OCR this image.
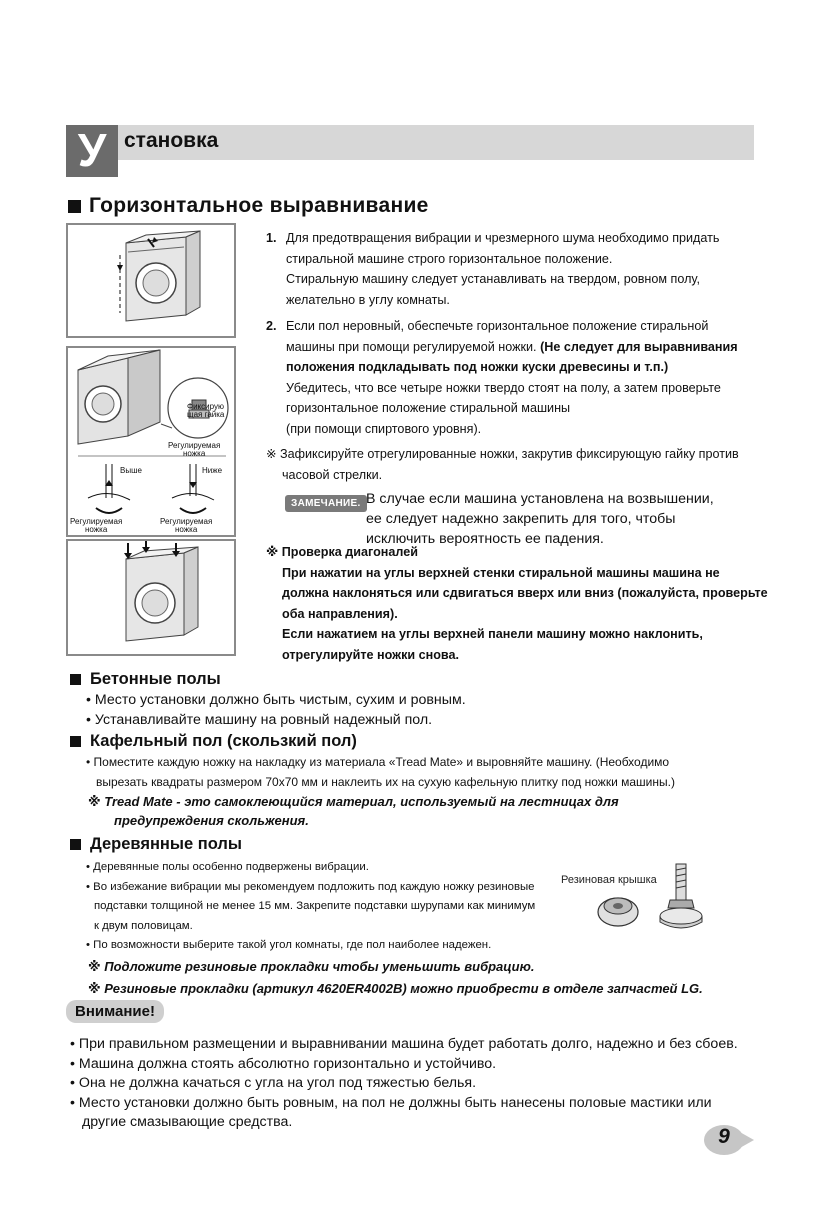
У становка
Горизонтальное выравнивание
Фиксирую
щая гайка
Регулируемая
ножка
Выше	Ниже
Регулируемая
ножка
Регулируемая
ножка
1. Для предотвращения вибрации и чрезмерного шума необходимо придать
стиральной машине строго горизонтальное положение.
Стиральную машину следует устанавливать на твердом, ровном полу,
желательно в углу комнаты.
2. Если пол неровный, обеспечьте горизонтальное положение стиральной
машины при помощи регулируемой ножки. (Не следует для выравнивания
положения подкладывать под ножки куски древесины и т.п.)
Убедитесь, что все четыре ножки твердо стоят на полу, а затем проверьте
горизонтальное положение стиральной машины
(при помощи спиртового уровня).
※ Зафиксируйте отрегулированные ножки, закрутив фиксирующую гайку против
часовой стрелки.
ЗАМЕЧАНИЕ. В случае если машина установлена на возвышении,
ее следует надежно закрепить для того, чтобы
исключить вероятность ее падения.
※ Проверка диагоналей
При нажатии на углы верхней стенки стиральной машины машина не
должна наклоняться или сдвигаться вверх или вниз (пожалуйста, проверьте
оба направления).
Если нажатием на углы верхней панели машину можно наклонить,
отрегулируйте ножки снова.
Бетонные полы
• Место установки должно быть чистым, сухим и ровным.
• Устанавливайте машину на ровный надежный пол.
Кафельный пол (скользкий пол)
• Поместите каждую ножку на накладку из материала «Tread Mate» и выровняйте машину. (Необходимо
вырезать квадраты размером 70x70 мм и наклеить их на сухую кафельную плитку под ножки машины.)
※ Tread Mate - это самоклеющийся материал, используемый на лестницах для
предупреждения скольжения.
Деревянные полы
• Деревянные полы особенно подвержены вибрации.
• Во избежание вибрации мы рекомендуем подложить под каждую ножку резиновые
подставки толщиной не менее 15 мм. Закрепите подставки шурупами как минимум
к двум половицам.
• По возможности выберите такой угол комнаты, где пол наиболее надежен.
Резиновая крышка
※ Подложите резиновые прокладки чтобы уменьшить вибрацию.
※ Резиновые прокладки (артикул 4620ER4002B) можно приобрести в отделе запчастей LG.
Внимание!
• При правильном размещении и выравнивании машина будет работать долго, надежно и без сбоев.
• Машина должна стоять абсолютно горизонтально и устойчиво.
• Она не должна качаться с угла на угол под тяжестью белья.
• Место установки должно быть ровным, на пол не должны быть нанесены половые мастики или
другие смазывающие средства.
9
